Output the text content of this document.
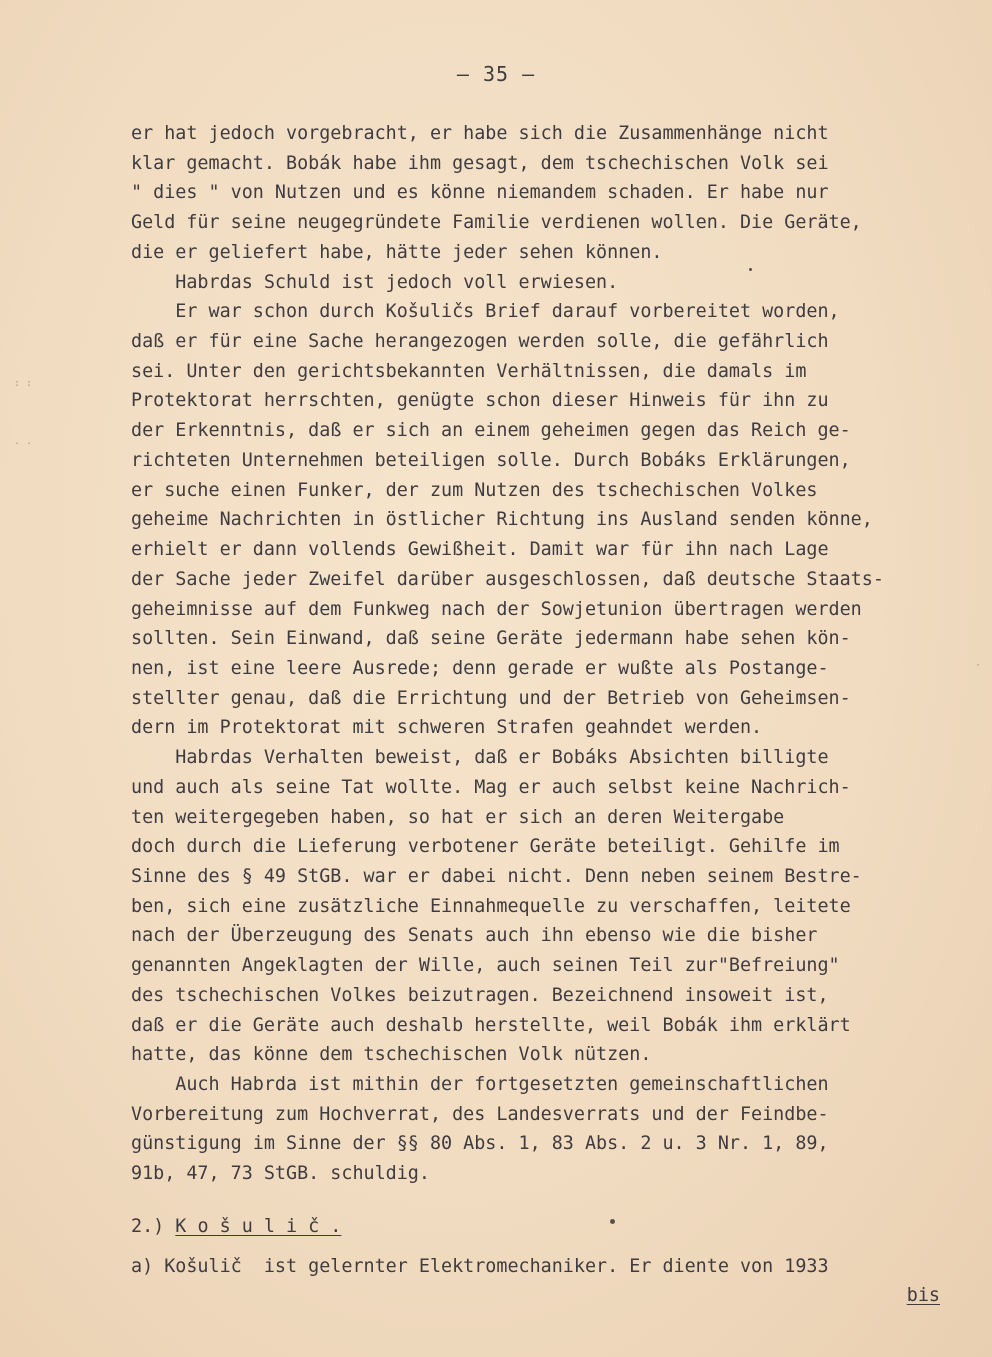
– 35 –
er hat jedoch vorgebracht, er habe sich die Zusammenhänge nicht
klar gemacht. Bobák habe ihm gesagt, dem tschechischen Volk sei
" dies " von Nutzen und es könne niemandem schaden. Er habe nur
Geld für seine neugegründete Familie verdienen wollen. Die Geräte,
die er geliefert habe, hätte jeder sehen können.
Habrdas Schuld ist jedoch voll erwiesen.
Er war schon durch Košuličs Brief darauf vorbereitet worden,
daß er für eine Sache herangezogen werden solle, die gefährlich
sei. Unter den gerichtsbekannten Verhältnissen, die damals im
Protektorat herrschten, genügte schon dieser Hinweis für ihn zu
der Erkenntnis, daß er sich an einem geheimen gegen das Reich ge-
richteten Unternehmen beteiligen solle. Durch Bobáks Erklärungen,
er suche einen Funker, der zum Nutzen des tschechischen Volkes
geheime Nachrichten in östlicher Richtung ins Ausland senden könne,
erhielt er dann vollends Gewißheit. Damit war für ihn nach Lage
der Sache jeder Zweifel darüber ausgeschlossen, daß deutsche Staats-
geheimnisse auf dem Funkweg nach der Sowjetunion übertragen werden
sollten. Sein Einwand, daß seine Geräte jedermann habe sehen kön-
nen, ist eine leere Ausrede; denn gerade er wußte als Postange-
stellter genau, daß die Errichtung und der Betrieb von Geheimsen-
dern im Protektorat mit schweren Strafen geahndet werden.
Habrdas Verhalten beweist, daß er Bobáks Absichten billigte
und auch als seine Tat wollte. Mag er auch selbst keine Nachrich-
ten weitergegeben haben, so hat er sich an deren Weitergabe
doch durch die Lieferung verbotener Geräte beteiligt. Gehilfe im
Sinne des § 49 StGB. war er dabei nicht. Denn neben seinem Bestre-
ben, sich eine zusätzliche Einnahmequelle zu verschaffen, leitete
nach der Überzeugung des Senats auch ihn ebenso wie die bisher
genannten Angeklagten der Wille, auch seinen Teil zur"Befreiung"
des tschechischen Volkes beizutragen. Bezeichnend insoweit ist,
daß er die Geräte auch deshalb herstellte, weil Bobák ihm erklärt
hatte, das könne dem tschechischen Volk nützen.
Auch Habrda ist mithin der fortgesetzten gemeinschaftlichen
Vorbereitung zum Hochverrat, des Landesverrats und der Feindbe-
günstigung im Sinne der §§ 80 Abs. 1, 83 Abs. 2 u. 3 Nr. 1, 89,
91b, 47, 73 StGB. schuldig.
2.) K o š u l i č .
a) Košulič  ist gelernter Elektromechaniker. Er diente von 1933
bis
: :
. .
·
